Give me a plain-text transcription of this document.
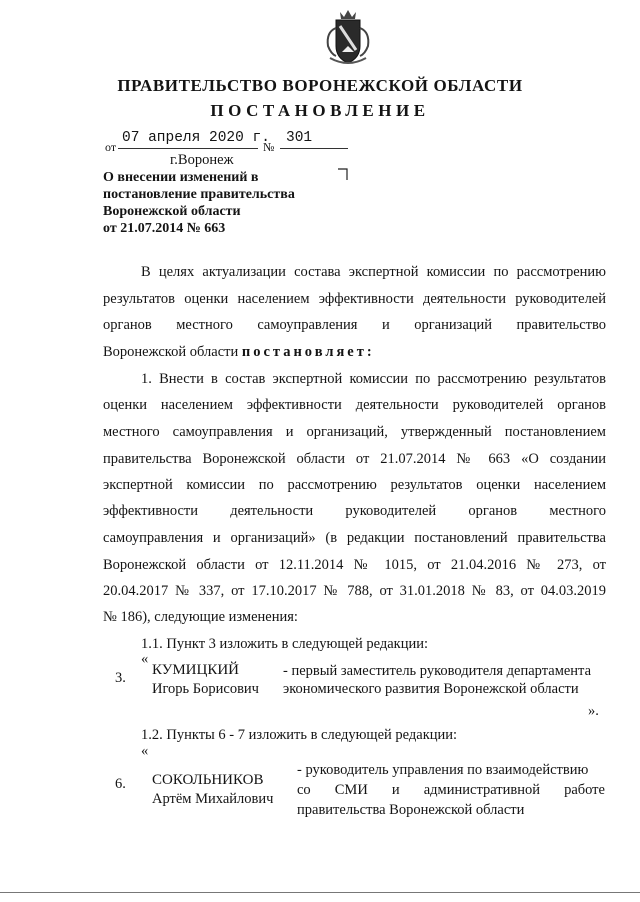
ПРАВИТЕЛЬСТВО ВОРОНЕЖСКОЙ ОБЛАСТИ
ПОСТАНОВЛЕНИЕ
от
07 апреля 2020 г.
№
301
г.Воронеж
О внесении изменений в
постановление правительства
Воронежской области
от 21.07.2014 № 663
В целях актуализации состава экспертной комиссии по рассмотрению
результатов оценки населением эффективности деятельности руководителей
органов местного самоуправления и организаций правительство
Воронежской области постановляет:
1. Внести в состав экспертной комиссии по рассмотрению результатов
оценки населением эффективности деятельности руководителей органов
местного самоуправления и организаций, утвержденный постановлением
правительства Воронежской области от 21.07.2014 № 663 «О создании
экспертной комиссии по рассмотрению результатов оценки населением
эффективности деятельности руководителей органов местного
самоуправления и организаций» (в редакции постановлений правительства
Воронежской области от 12.11.2014 № 1015, от 21.04.2016 № 273, от
20.04.2017 № 337, от 17.10.2017 № 788, от 31.01.2018 № 83, от 04.03.2019
№ 186), следующие изменения:
1.1. Пункт 3 изложить в следующей редакции:
«
3. КУМИЦКИЙ
Игорь Борисович
- первый заместитель руководителя департамента
экономического развития Воронежской области
».
1.2. Пункты 6 - 7 изложить в следующей редакции:
«
6. СОКОЛЬНИКОВ
Артём Михайлович
- руководитель управления по взаимодействию
со СМИ и административной работе
правительства Воронежской области
